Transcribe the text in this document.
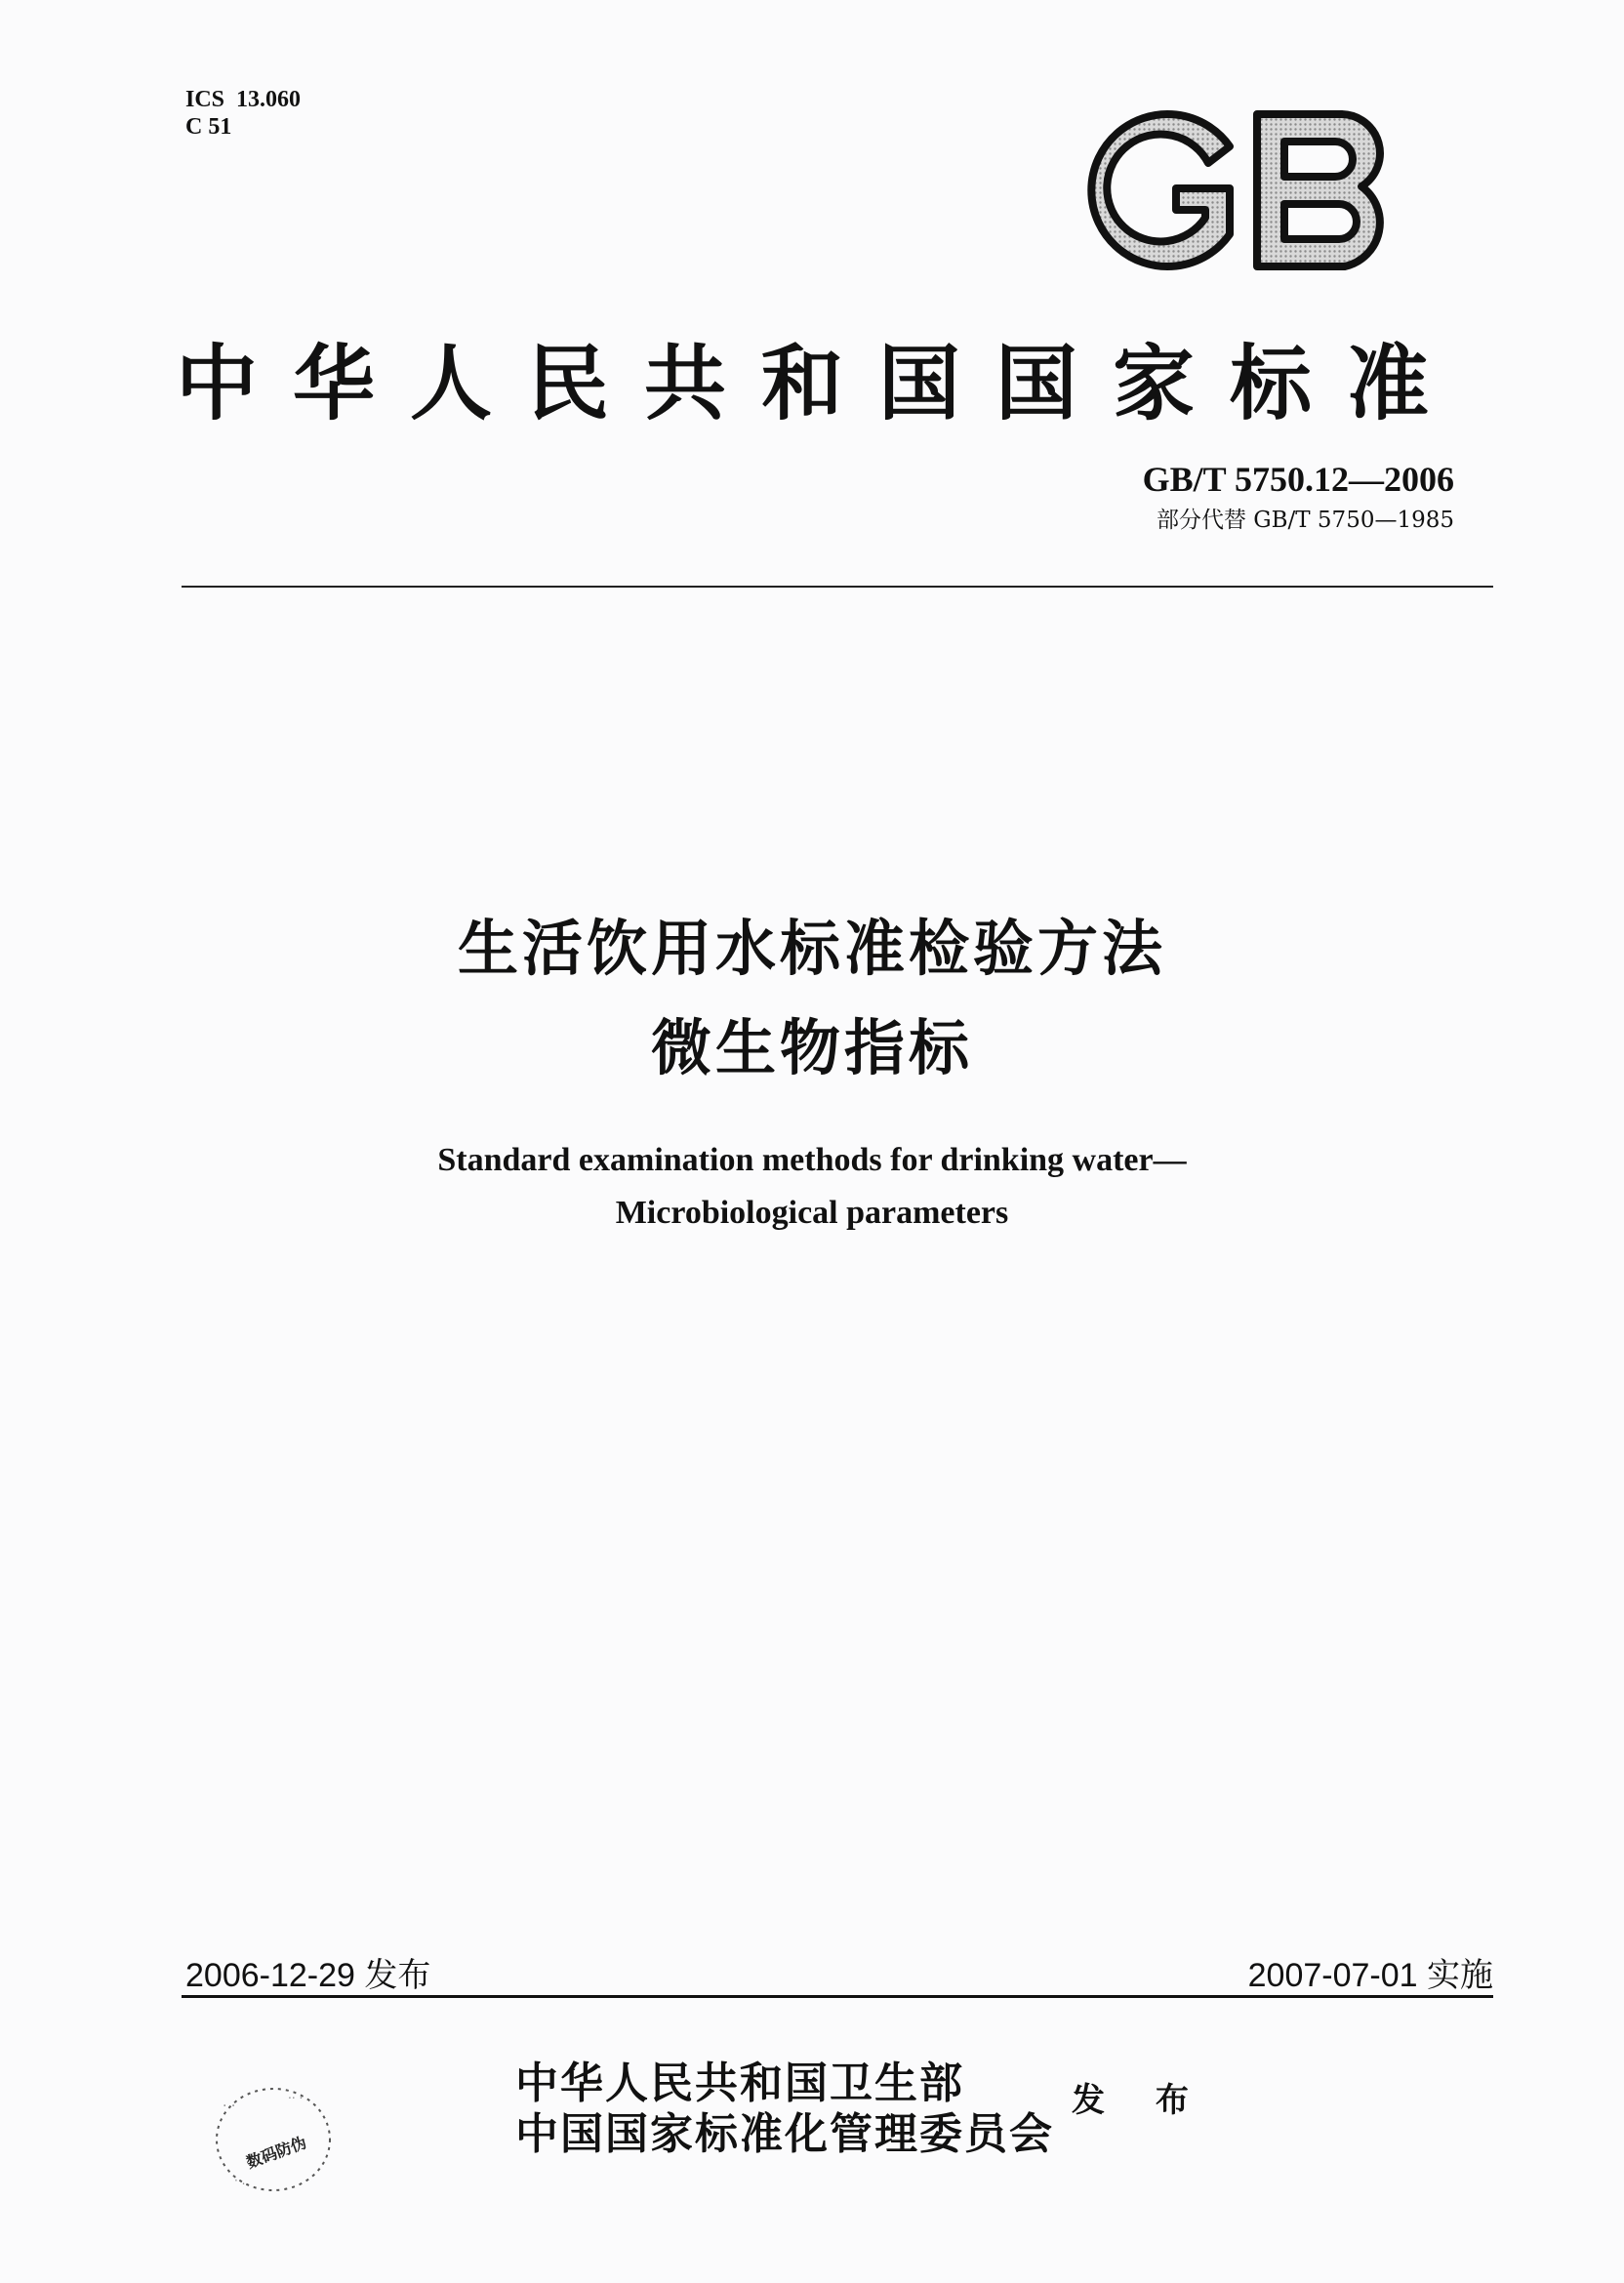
ICS  13.060
C 51
GB
中华人民共和国国家标准
GB/T 5750.12—2006
部分代替 GB/T 5750—1985
生活饮用水标准检验方法
微生物指标
Standard examination methods for drinking water—
Microbiological parameters
2006-12-29 发布	2007-07-01 实施
· ·
.. .
· .
数码防伪
中华人民共和国卫生部
中国国家标准化管理委员会
发 布
